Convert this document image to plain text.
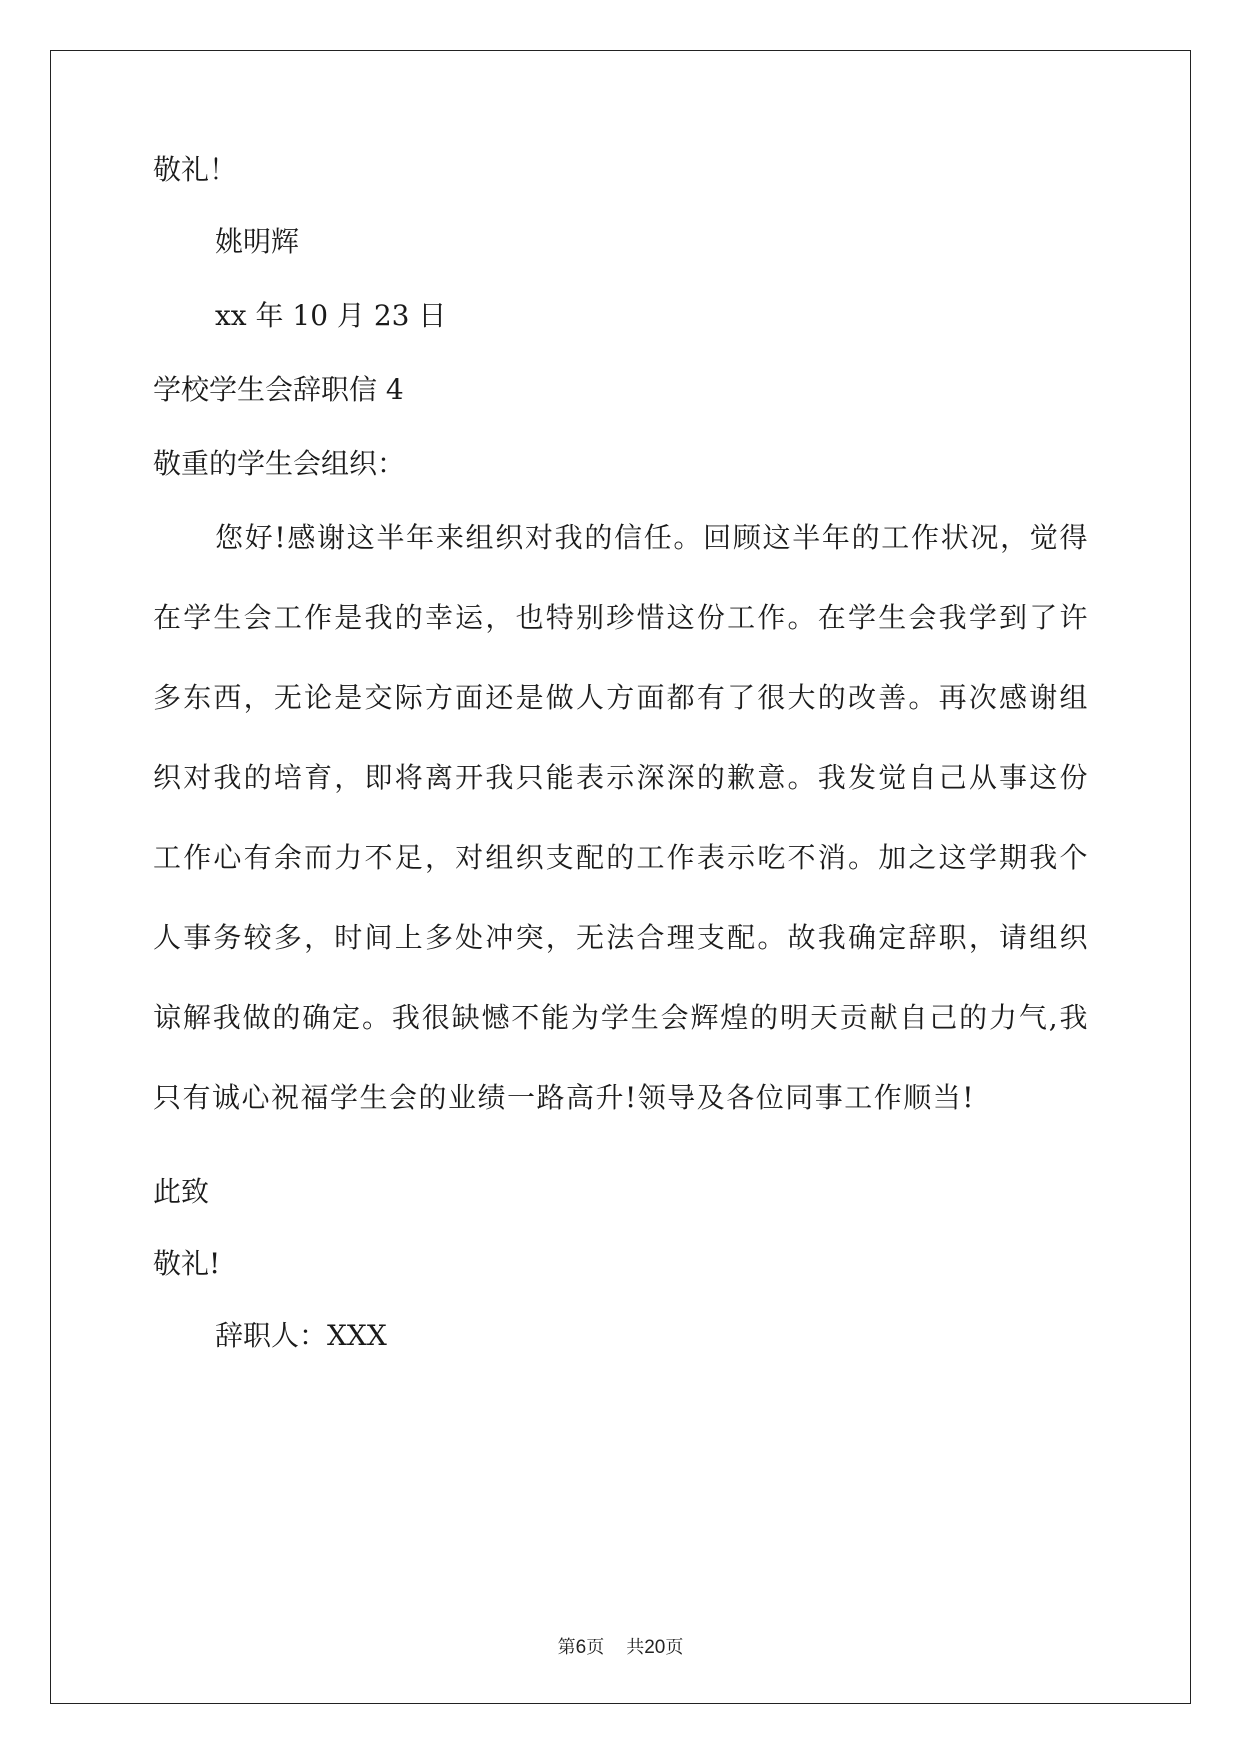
敬礼！
姚明辉
xx 年 10 月 23 日
学校学生会辞职信 4
敬重的学生会组织：
您好!感谢这半年来组织对我的信任。回顾这半年的工作状况，觉得在学生会工作是我的幸运，也特别珍惜这份工作。在学生会我学到了许多东西，无论是交际方面还是做人方面都有了很大的改善。再次感谢组织对我的培育，即将离开我只能表示深深的歉意。我发觉自己从事这份工作心有余而力不足，对组织支配的工作表示吃不消。加之这学期我个人事务较多，时间上多处冲突，无法合理支配。故我确定辞职，请组织谅解我做的确定。我很缺憾不能为学生会辉煌的明天贡献自己的力气,我只有诚心祝福学生会的业绩一路高升!领导及各位同事工作顺当!
此致
敬礼!
辞职人：XXX
第6页 共20页
